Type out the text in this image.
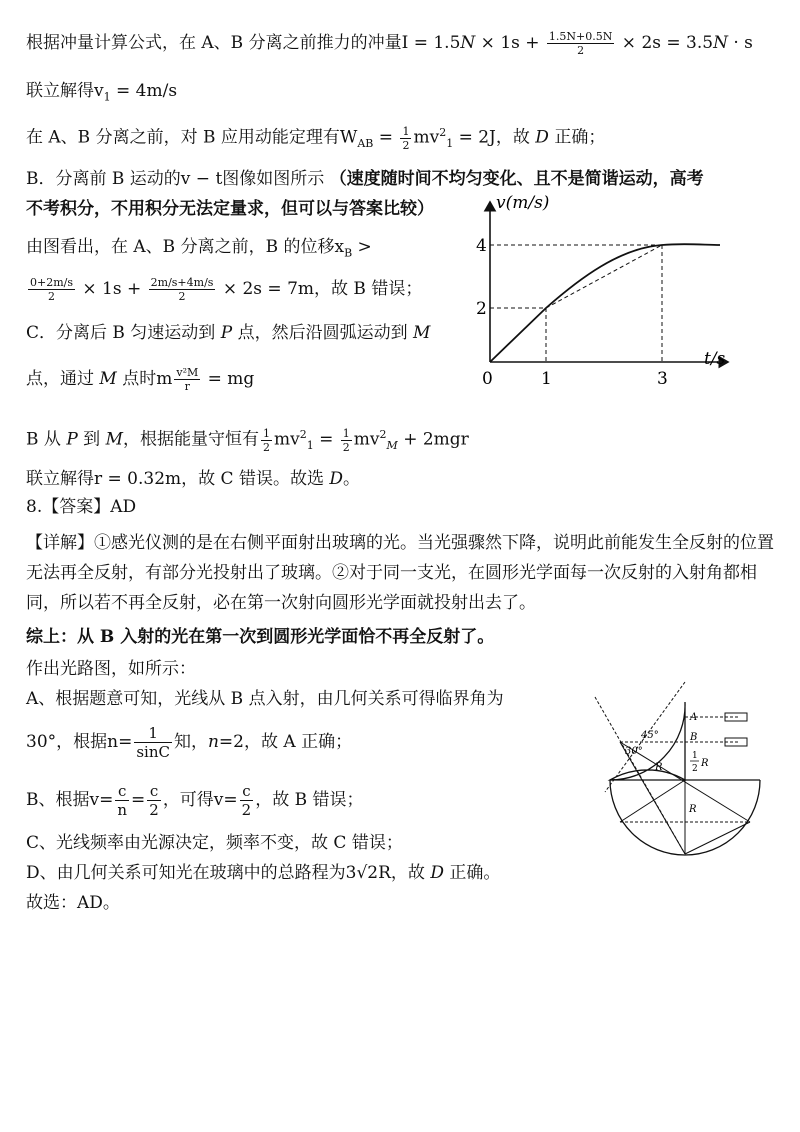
根据冲量计算公式，在 A、B 分离之前推力的冲量$I = 1.5N \times 1s + \frac{1.5N+0.5N}{2} \times 2s = 3.5N \cdot s$
联立解得$v_1 = 4m/s$
在 A、B 分离之前，对 B 应用动能定理有$W_{AB} = \frac{1}{2} mv^2_1 = 2J$，故 D 正确；
B．分离前 B 运动的v − t图像如图所示 （速度随时间不均匀变化、且不是简谐运动，高考
不考积分，不用积分无法定量求，但可以与答案比较）
由图看出，在 A、B 分离之前，B 的位移$x_B$ >
$\frac{0+2m/s}{2} \times 1s + \frac{2m/s+4m/s}{2} \times 2s = 7m$，故 B 错误；
C．分离后 B 匀速运动到 P 点，然后沿圆弧运动到 M
点，通过 M 点时m $\frac{\text{v²M}}{r}$ = mg
B 从 P 到 M，根据能量守恒有 $\frac{1}{2} mv^2_1 = \frac{1}{2} mv^2_M + 2mgr$
联立解得r = 0.32m，故 C 错误。故选 D。
8.【答案】AD
【详解】①感光仪测的是在右侧平面射出玻璃的光。当光强骤然下降，说明此前能发生全反射的位置无法再全反射，有部分光投射出了玻璃。②对于同一支光，在圆形光学面每一次反射的入射角都相同，所以若不再全反射，必在第一次射向圆形光学面就投射出去了。
综上：从 B 入射的光在第一次到圆形光学面恰不再全反射了。
作出光路图，如所示：
A、根据题意可知，光线从 B 点入射，由几何关系可得临界角为
30°，根据$n= \frac{1}{\sin C}$ 知，n=2，故 A 正确；
B、根据$v= \frac{c}{n} = \frac{c}{2}$ ，可得$v= \frac{c}{2}$ ，故 B 错误；
C、光线频率由光源决定，频率不变，故 C 错误；
D、由几何关系可知光在玻璃中的总路程为3√2R，故 D 正确。
故选：AD。
v(m/s)
t/s
4
2
0	1	3
45°
30°
A
B
R
R
1
2 R
